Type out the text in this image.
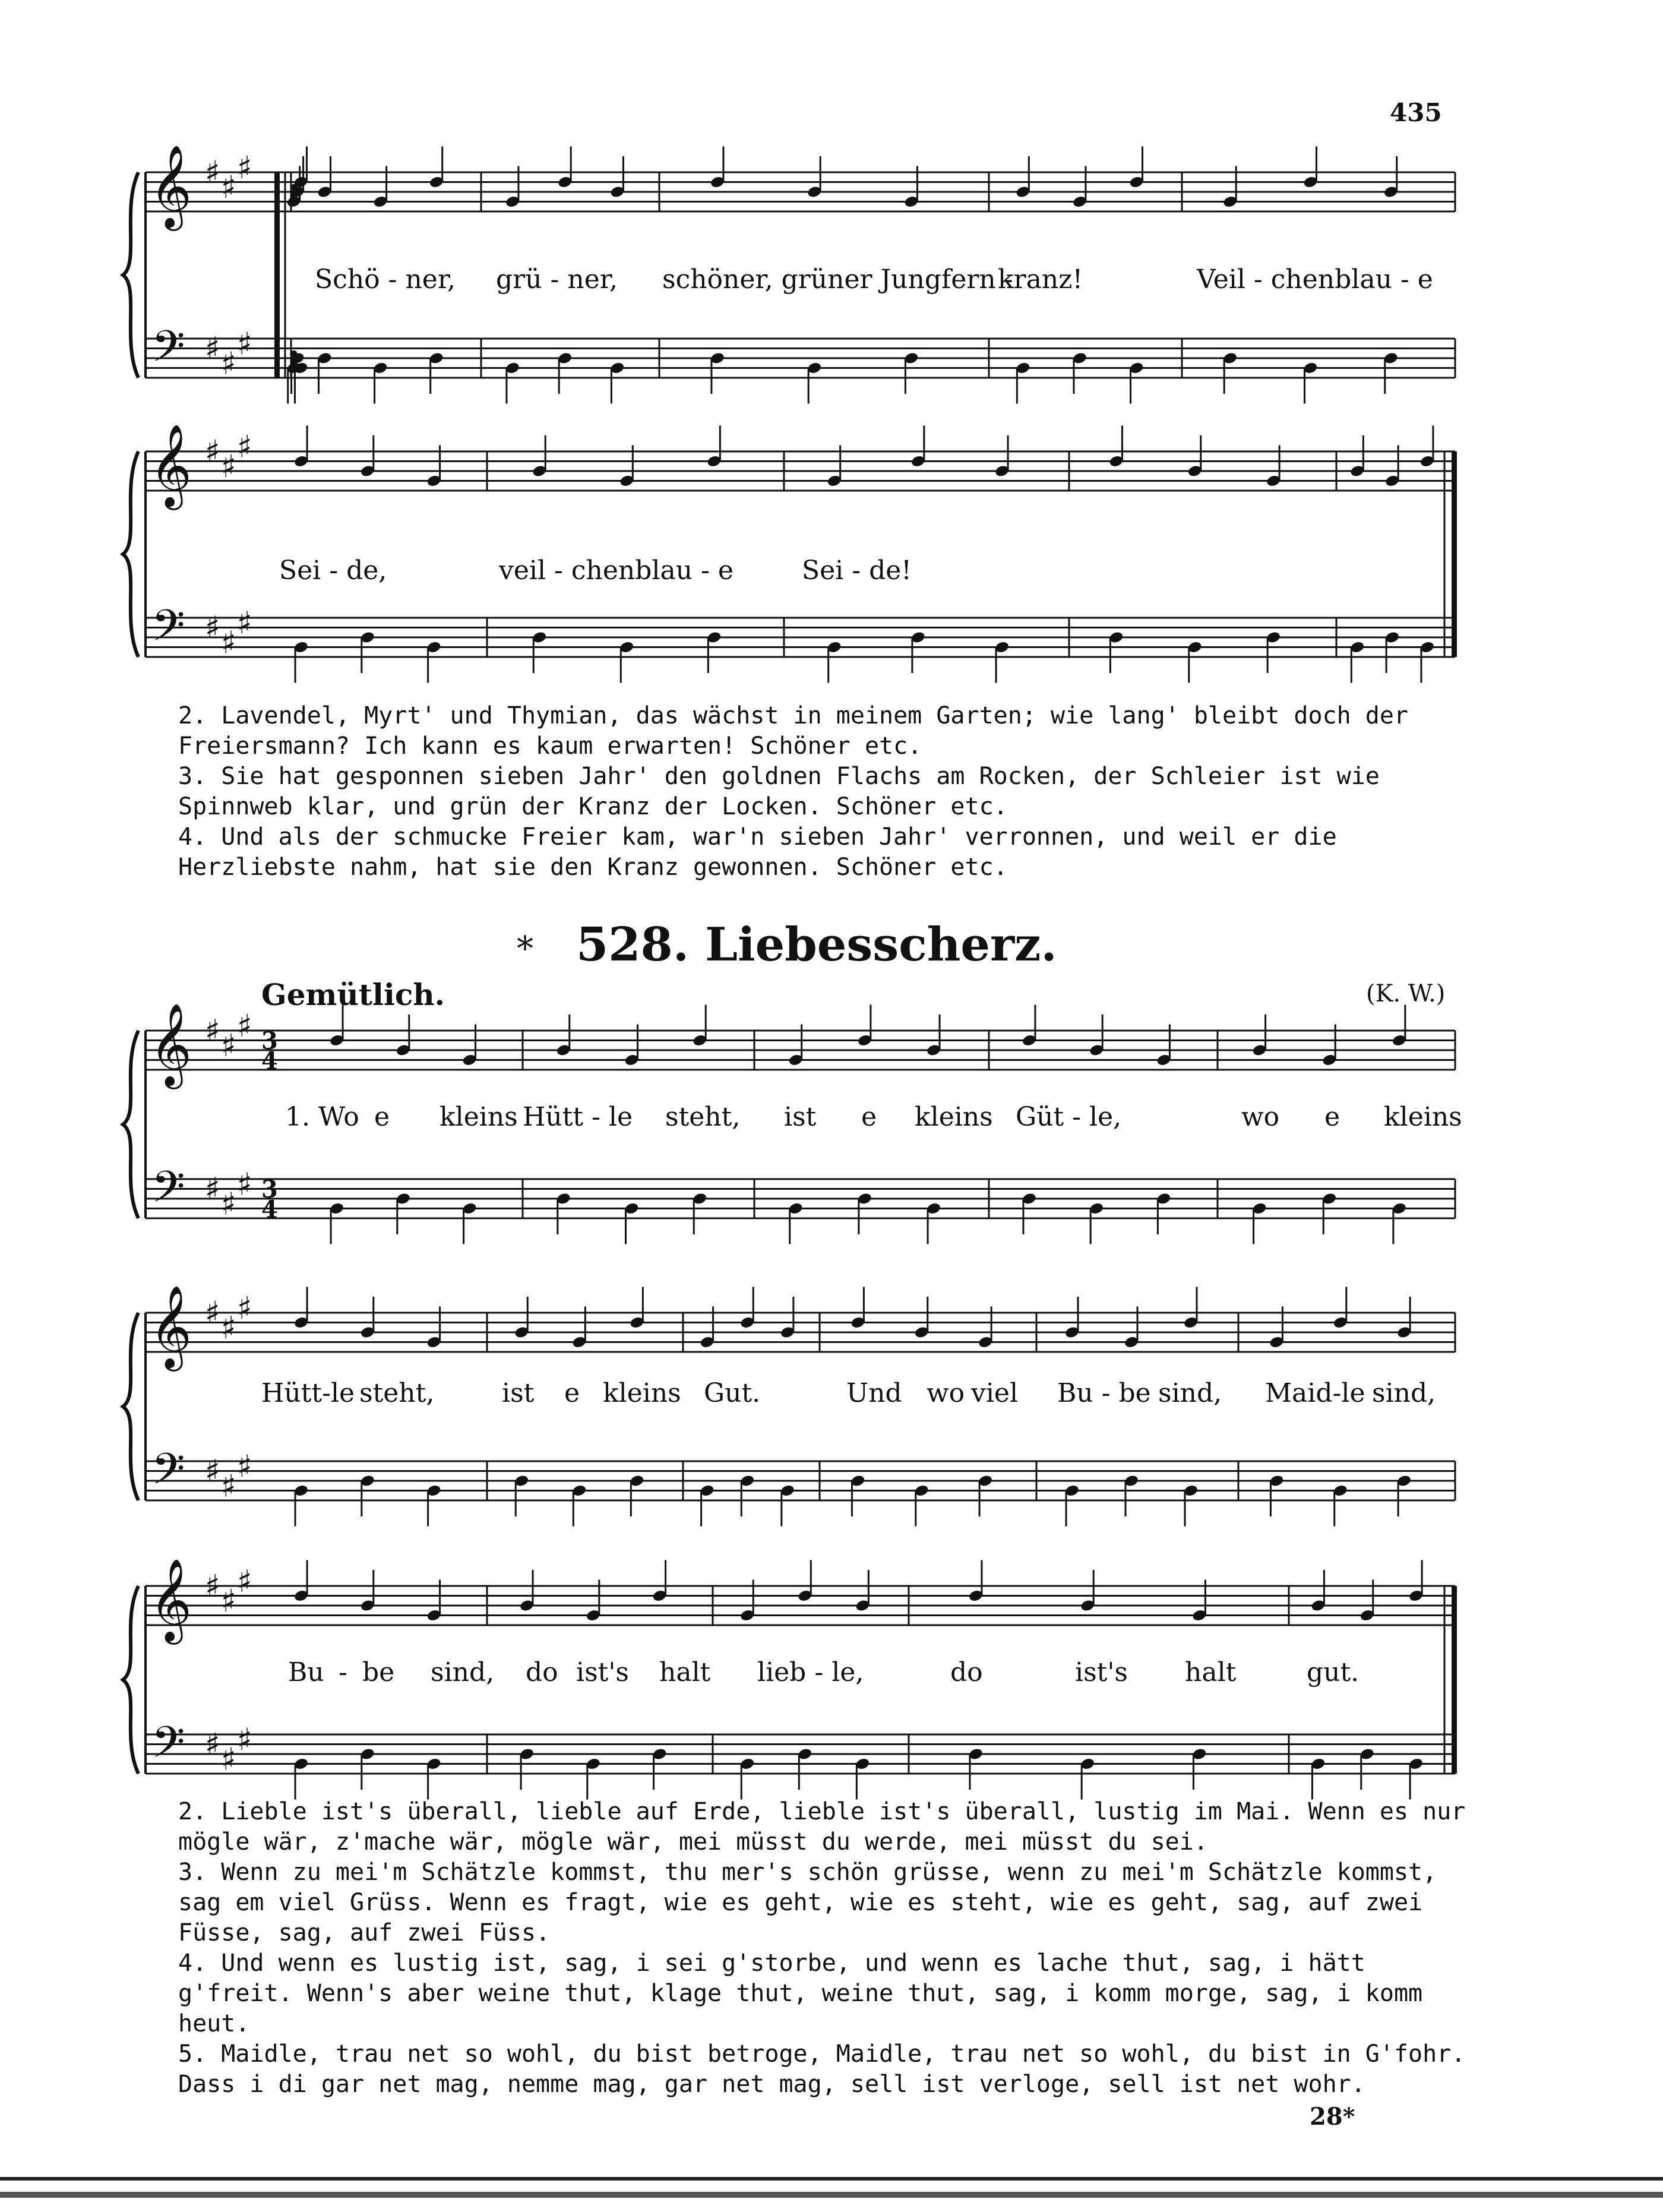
𝄞
𝄢
♯ ♯
♯
♯ ♯
♯
𝄞
𝄢
♯ ♯
♯
♯ ♯
♯
𝄞
𝄢
♯ ♯
♯
♯ ♯
♯
3
4
3
4
𝄞
𝄢
♯ ♯
♯
♯ ♯
♯
𝄞
𝄢
♯ ♯
♯
♯ ♯
♯
435
Schö - ner, grü - ner, schöner, grüner Jungfern -
kranz!	Veil - chenblau - e
Sei - de,	veil - chenblau - e	Sei - de!

2. Lavendel, Myrt' und Thymian, das wächst in meinem Garten; wie lang' bleibt doch der Freiersmann? Ich kann es kaum erwarten! Schöner etc.

3. Sie hat gesponnen sieben Jahr' den goldnen Flachs am Rocken, der Schleier ist wie Spinnweb klar, und grün der Kranz der Locken. Schöner etc.

4. Und als der schmucke Freier kam, war'n sieben Jahr' verronnen, und weil er die Herzliebste nahm, hat sie den Kranz gewonnen. Schöner etc.

* 528. Liebesscherz.
Gemütlich.	(K. W.)
1. Wo e kleins Hütt - le steht, ist e kleins Güt - le,	wo e kleins
Hütt-le steht,	ist e kleins Gut.	Und wo viel Bu - be sind, Maid-le sind,
Bu - be sind, do ist's halt lieb - le,	do	ist's halt	gut.

2. Lieble ist's überall, lieble auf Erde, lieble ist's überall, lustig im Mai. Wenn es nur mögle wär, z'mache wär, mögle wär, mei müsst du werde, mei müsst du sei.

3. Wenn zu mei'm Schätzle kommst, thu mer's schön grüsse, wenn zu mei'm Schätzle kommst, sag em viel Grüss. Wenn es fragt, wie es geht, wie es steht, wie es geht, sag, auf zwei Füsse, sag, auf zwei Füss.

4. Und wenn es lustig ist, sag, i sei g'storbe, und wenn es lache thut, sag, i hätt g'freit. Wenn's aber weine thut, klage thut, weine thut, sag, i komm morge, sag, i komm heut.

5. Maidle, trau net so wohl, du bist betroge, Maidle, trau net so wohl, du bist in G'fohr. Dass i di gar net mag, nemme mag, gar net mag, sell ist verloge, sell ist net wohr.

28*
